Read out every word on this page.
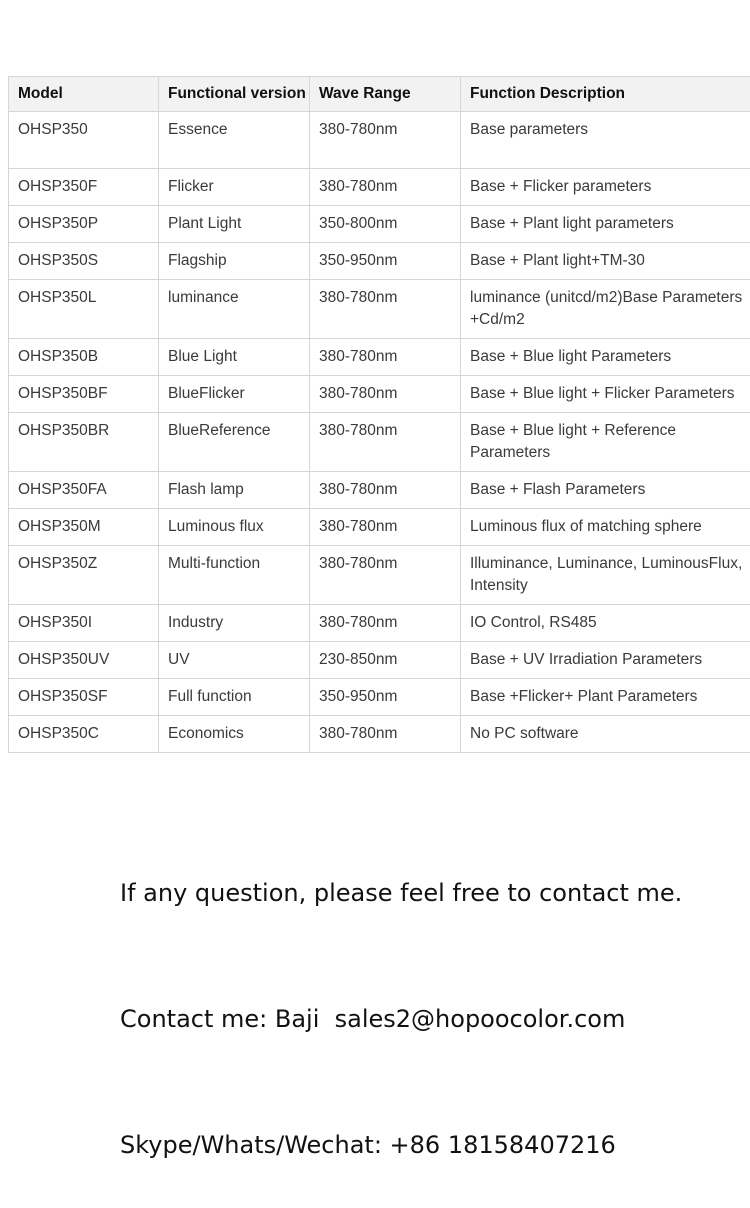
Model	Functional version	Wave Range	Function Description
OHSP350	Essence	380-780nm	Base parameters
OHSP350F	Flicker	380-780nm	Base + Flicker parameters
OHSP350P	Plant Light	350-800nm	Base + Plant light parameters
OHSP350S	Flagship	350-950nm	Base + Plant light+TM-30
OHSP350L	luminance	380-780nm	luminance (unitcd/m2)Base Parameters +Cd/m2
OHSP350B	Blue Light	380-780nm	Base + Blue light Parameters
OHSP350BF	BlueFlicker	380-780nm	Base + Blue light + Flicker Parameters
OHSP350BR	BlueReference	380-780nm	Base + Blue light + Reference Parameters
OHSP350FA	Flash lamp	380-780nm	Base + Flash Parameters
OHSP350M	Luminous flux	380-780nm	Luminous flux of matching sphere
OHSP350Z	Multi-function	380-780nm	Illuminance, Luminance, LuminousFlux, Intensity
OHSP350I	Industry	380-780nm	IO Control, RS485
OHSP350UV	UV	230-850nm	Base + UV Irradiation Parameters
OHSP350SF	Full function	350-950nm	Base +Flicker+ Plant Parameters
OHSP350C	Economics	380-780nm	No PC software

If any question, please feel free to contact me.

Contact me: Baji  sales2@hopoocolor.com

Skype/Whats/Wechat: +86 18158407216
